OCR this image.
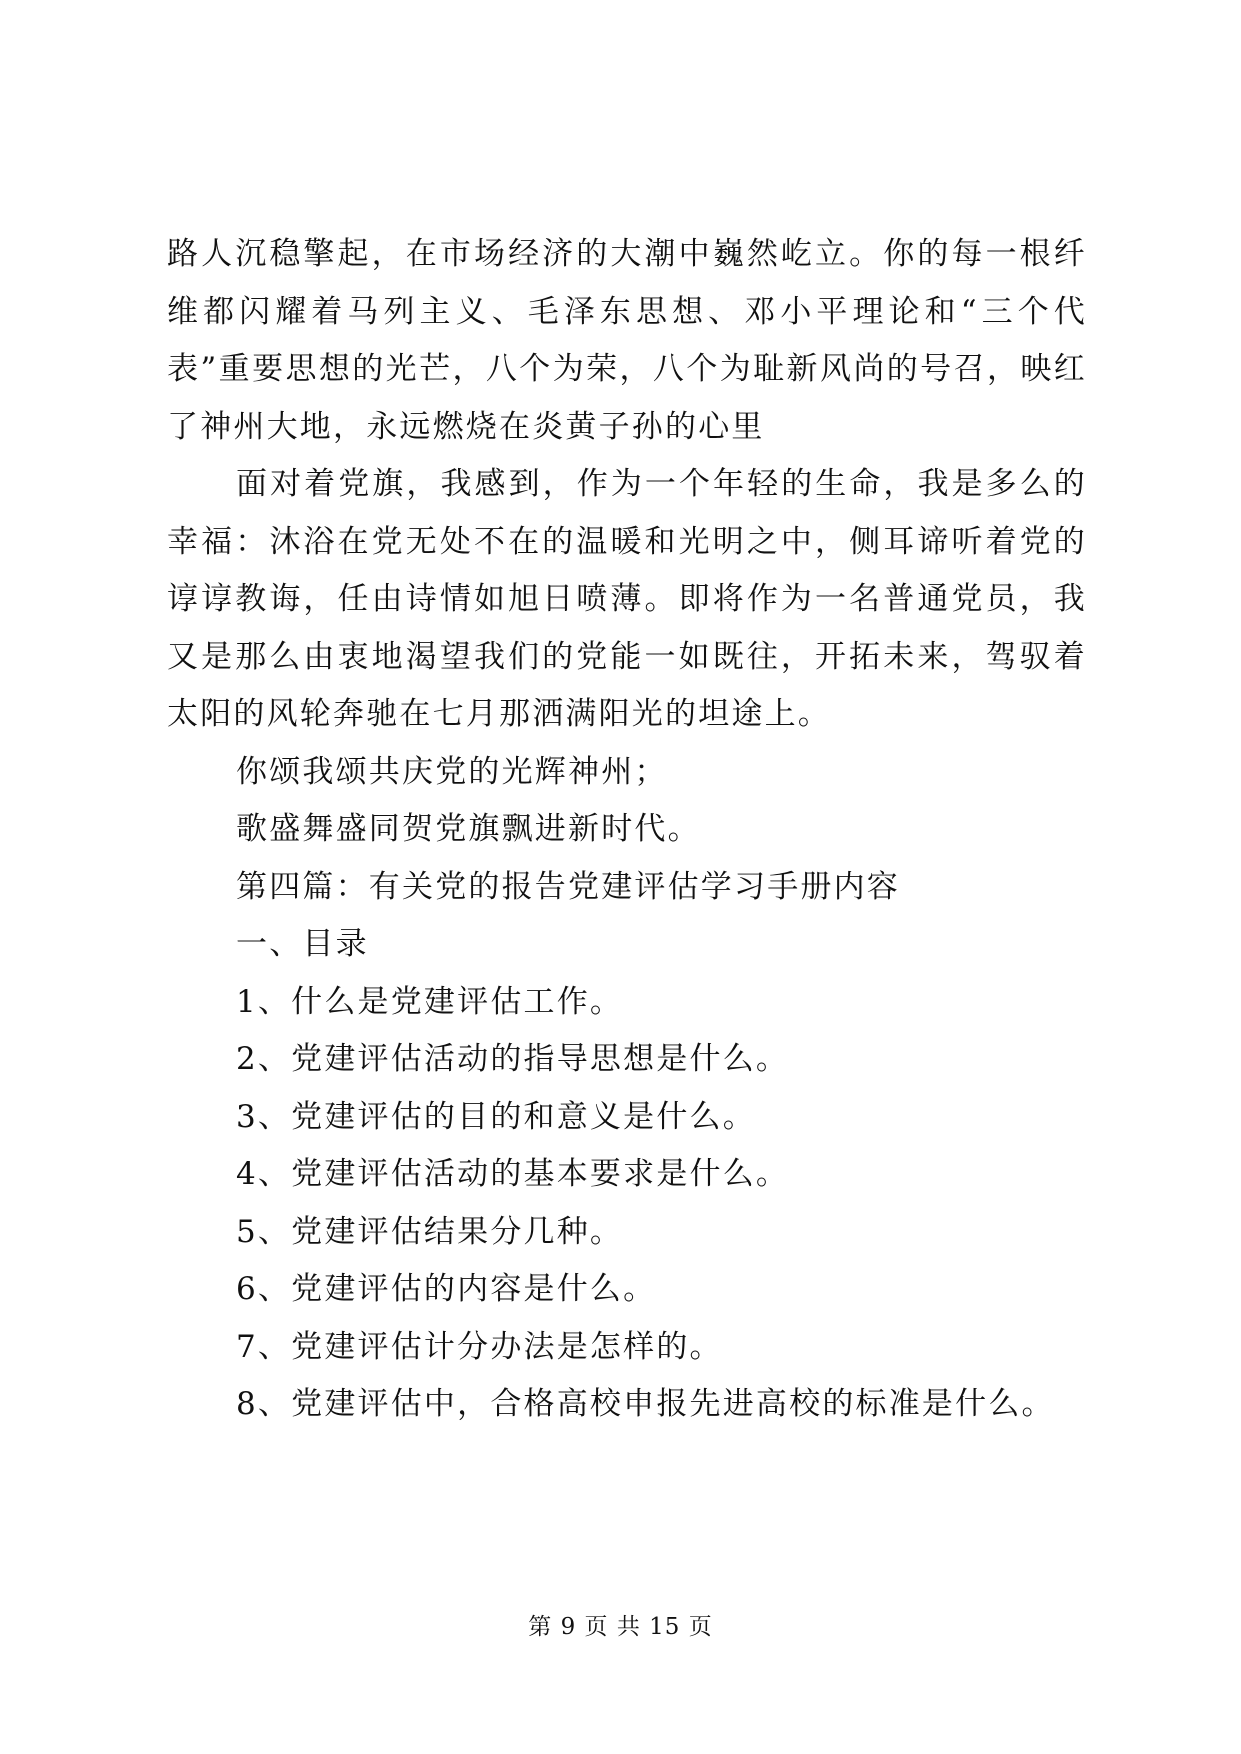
路人沉稳擎起，在市场经济的大潮中巍然屹立。你的每一根纤维都闪耀着马列主义、毛泽东思想、邓小平理论和“三个代表”重要思想的光芒，八个为荣，八个为耻新风尚的号召，映红了神州大地，永远燃烧在炎黄子孙的心里

面对着党旗，我感到，作为一个年轻的生命，我是多么的幸福：沐浴在党无处不在的温暖和光明之中，侧耳谛听着党的谆谆教诲，任由诗情如旭日喷薄。即将作为一名普通党员，我又是那么由衷地渴望我们的党能一如既往，开拓未来，驾驭着太阳的风轮奔驰在七月那洒满阳光的坦途上。

你颂我颂共庆党的光辉神州；

歌盛舞盛同贺党旗飘进新时代。

第四篇：有关党的报告党建评估学习手册内容

一、目录

1、什么是党建评估工作。

2、党建评估活动的指导思想是什么。

3、党建评估的目的和意义是什么。

4、党建评估活动的基本要求是什么。

5、党建评估结果分几种。

6、党建评估的内容是什么。

7、党建评估计分办法是怎样的。

8、党建评估中，合格高校申报先进高校的标准是什么。

第 9 页 共 15 页
